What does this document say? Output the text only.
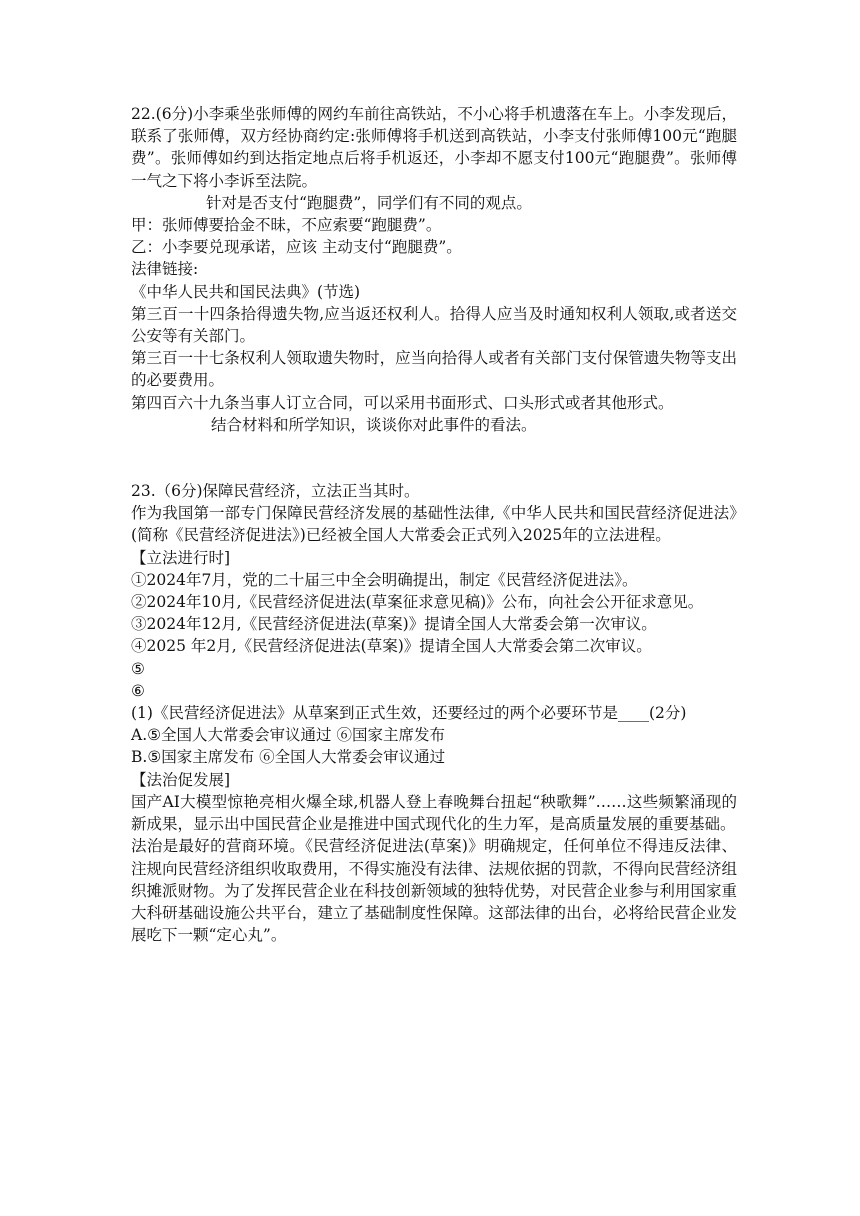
22.(6分)小李乘坐张师傅的网约车前往高铁站，不小心将手机遗落在车上。小李发现后，联系了张师傅，双方经协商约定:张师傅将手机送到高铁站，小李支付张师傅100元“跑腿费”。张师傅如约到达指定地点后将手机返还，小李却不愿支付100元“跑腿费”。张师傅一气之下将小李诉至法院。

针对是否支付“跑腿费”，同学们有不同的观点。

甲：张师傅要拾金不昧，不应索要“跑腿费”。

乙：小李要兑现承诺，应该 主动支付“跑腿费”。

法律链接:

《中华人民共和国民法典》(节选)

第三百一十四条拾得遗失物,应当返还权利人。拾得人应当及时通知权利人领取,或者送交公安等有关部门。

第三百一十七条权利人领取遗失物时，应当向拾得人或者有关部门支付保管遗失物等支出的必要费用。

第四百六十九条当事人订立合同，可以采用书面形式、口头形式或者其他形式。

结合材料和所学知识，谈谈你对此事件的看法。

23.（6分)保障民营经济，立法正当其时。

作为我国第一部专门保障民营经济发展的基础性法律,《中华人民共和国民营经济促进法》(简称《民营经济促进法》)已经被全国人大常委会正式列入2025年的立法进程。

【立法进行时]

①2024年7月，党的二十届三中全会明确提出，制定《民营经济促进法》。

②2024年10月,《民营经济促进法(草案征求意见稿)》公布，向社会公开征求意见。

③2024年12月,《民营经济促进法(草案)》提请全国人大常委会第一次审议。

④2025 年2月,《民营经济促进法(草案)》提请全国人大常委会第二次审议。

⑤

⑥

(1)《民营经济促进法》从草案到正式生效，还要经过的两个必要环节是____(2分)

A.⑤全国人大常委会审议通过 ⑥国家主席发布

B.⑤国家主席发布 ⑥全国人大常委会审议通过

【法治促发展]

国产AI大模型惊艳亮相火爆全球,机器人登上春晚舞台扭起“秧歌舞”……这些频繁涌现的新成果，显示出中国民营企业是推进中国式现代化的生力军，是高质量发展的重要基础。

法治是最好的营商环境。《民营经济促进法(草案)》明确规定，任何单位不得违反法律、注规向民营经济组织收取费用，不得实施没有法律、法规依据的罚款，不得向民营经济组织摊派财物。为了发挥民营企业在科技创新领域的独特优势，对民营企业参与利用国家重大科研基础设施公共平台，建立了基础制度性保障。这部法律的出台，必将给民营企业发展吃下一颗“定心丸”。
